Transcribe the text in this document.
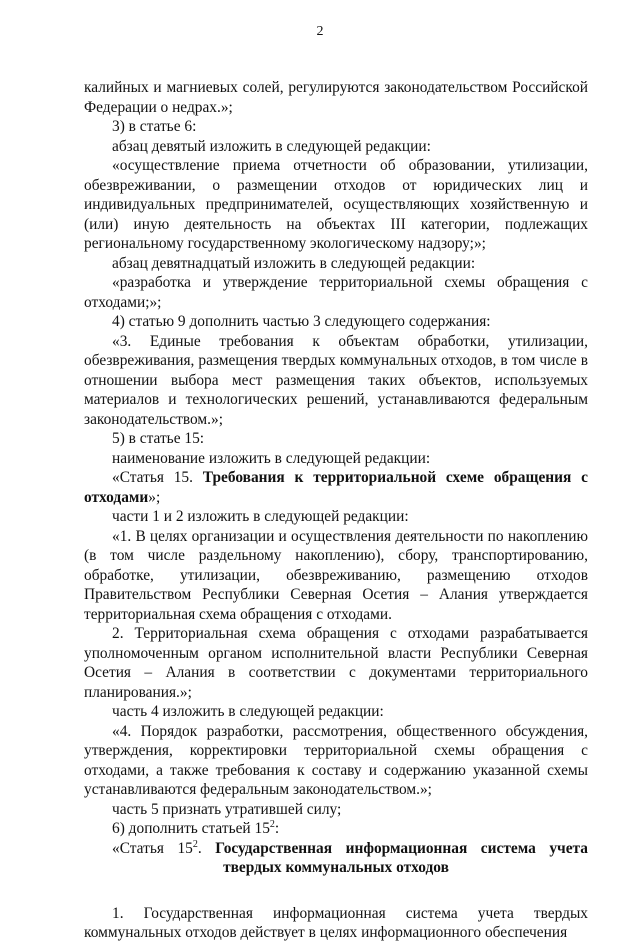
2

калийных и магниевых солей, регулируются законодательством Российской Федерации о недрах.»;

3) в статье 6:

абзац девятый изложить в следующей редакции:

«осуществление приема отчетности об образовании, утилизации, обезвреживании, о размещении отходов от юридических лиц и индивидуальных предпринимателей, осуществляющих хозяйственную и (или) иную деятельность на объектах III категории, подлежащих региональному государственному экологическому надзору;»;

абзац девятнадцатый изложить в следующей редакции:

«разработка и утверждение территориальной схемы обращения с отходами;»;

4) статью 9 дополнить частью 3 следующего содержания:

«3. Единые требования к объектам обработки, утилизации, обезвреживания, размещения твердых коммунальных отходов, в том числе в отношении выбора мест размещения таких объектов, используемых материалов и технологических решений, устанавливаются федеральным законодательством.»;

5) в статье 15:

наименование изложить в следующей редакции:

«Статья 15. Требования к территориальной схеме обращения с отходами»;

части 1 и 2 изложить в следующей редакции:

«1. В целях организации и осуществления деятельности по накоплению (в том числе раздельному накоплению), сбору, транспортированию, обработке, утилизации, обезвреживанию, размещению отходов Правительством Республики Северная Осетия – Алания утверждается территориальная схема обращения с отходами.

2. Территориальная схема обращения с отходами разрабатывается уполномоченным органом исполнительной власти Республики Северная Осетия – Алания в соответствии с документами территориального планирования.»;

часть 4 изложить в следующей редакции:

«4. Порядок разработки, рассмотрения, общественного обсуждения, утверждения, корректировки территориальной схемы обращения с отходами, а также требования к составу и содержанию указанной схемы устанавливаются федеральным законодательством.»;

часть 5 признать утратившей силу;

6) дополнить статьей $15^2$:

«Статья $15^2$. Государственная информационная система учета
твердых коммунальных отходов

1. Государственная информационная система учета твердых коммунальных отходов действует в целях информационного обеспечения
